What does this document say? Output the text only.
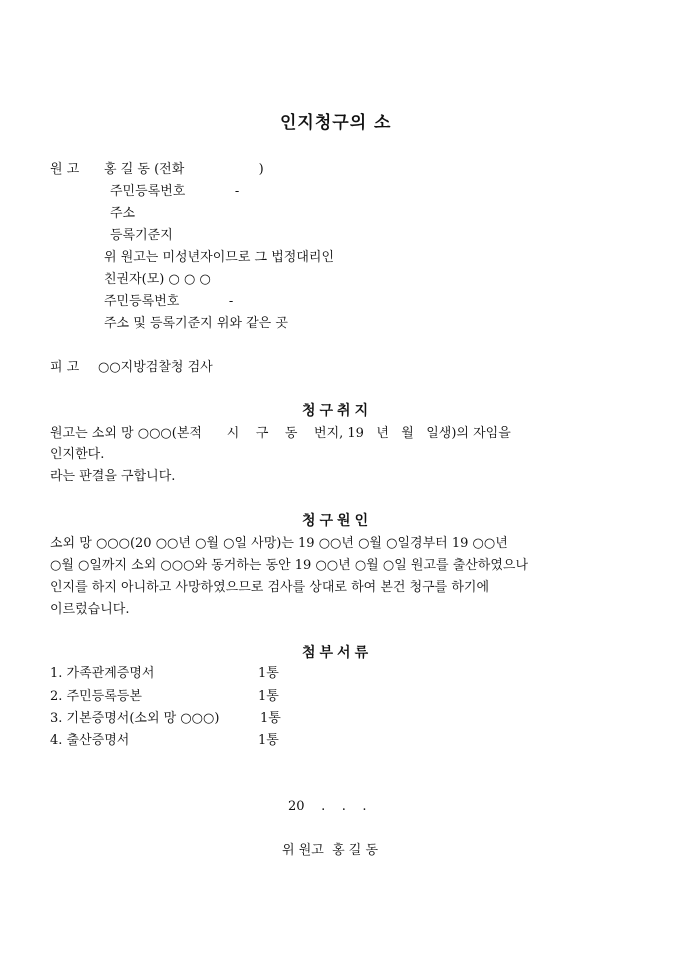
인지청구의 소
원 고 홍 길 동 (전화                  )
주민등록번호            -
주소
등록기준지
위 원고는 미성년자이므로 그 법정대리인
친권자(모) ○ ○ ○
주민등록번호            -
주소 및 등록기준지 위와 같은 곳
피 고 ○○지방검찰청 검사
청구취지
원고는 소외 망 ○○○(본적      시    구    동    번지, 19   년   월   일생)의 자임을
인지한다.
라는 판결을 구합니다.
청구원인
소외 망 ○○○(20 ○○년 ○월 ○일 사망)는 19 ○○년 ○월 ○일경부터 19 ○○년
○월 ○일까지 소외 ○○○와 동거하는 동안 19 ○○년 ○월 ○일 원고를 출산하였으나
인지를 하지 아니하고 사망하였으므로 검사를 상대로 하여 본건 청구를 하기에
이르렀습니다.
첨부서류
1. 가족관계증명서	1통
2. 주민등록등본	1통
3. 기본증명서(소외 망 ○○○)	1통
4. 출산증명서	1통
20    .    .    .
위 원고  홍 길 동
